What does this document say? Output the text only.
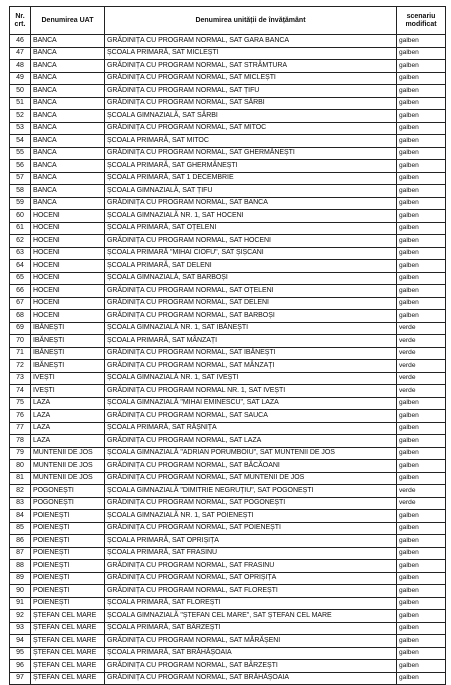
Nr. crt.	Denumirea UAT	Denumirea unității de învățământ	scenariu modificat
46	BANCA	GRĂDINIȚA CU PROGRAM NORMAL, SAT GARA BANCA	galben
47	BANCA	ȘCOALA PRIMARĂ, SAT MICLEȘTI	galben
48	BANCA	GRĂDINIȚA CU PROGRAM NORMAL, SAT STRÂMTURA	galben
49	BANCA	GRĂDINIȚA CU PROGRAM NORMAL, SAT MICLEȘTI	galben
50	BANCA	GRĂDINIȚA CU PROGRAM NORMAL, SAT ȚIFU	galben
51	BANCA	GRĂDINIȚA CU PROGRAM NORMAL, SAT SĂRBI	galben
52	BANCA	ȘCOALA GIMNAZIALĂ, SAT SĂRBI	galben
53	BANCA	GRĂDINIȚA CU PROGRAM NORMAL, SAT MITOC	galben
54	BANCA	ȘCOALA PRIMARĂ, SAT MITOC	galben
55	BANCA	GRĂDINIȚA CU PROGRAM NORMAL, SAT GHERMĂNEȘTI	galben
56	BANCA	ȘCOALA PRIMARĂ, SAT GHERMĂNEȘTI	galben
57	BANCA	ȘCOALA PRIMARĂ, SAT 1 DECEMBRIE	galben
58	BANCA	ȘCOALA GIMNAZIALĂ, SAT ȚIFU	galben
59	BANCA	GRĂDINIȚA CU PROGRAM NORMAL, SAT BANCA	galben
60	HOCENI	ȘCOALA GIMNAZIALĂ NR. 1, SAT HOCENI	galben
61	HOCENI	ȘCOALA PRIMARĂ, SAT OȚELENI	galben
62	HOCENI	GRĂDINIȚA CU PROGRAM NORMAL, SAT HOCENI	galben
63	HOCENI	ȘCOALA PRIMARĂ "MIHAI CIOFU", SAT ȘIȘCANI	galben
64	HOCENI	ȘCOALA PRIMARĂ, SAT DELENI	galben
65	HOCENI	ȘCOALA GIMNAZIALĂ, SAT BARBOȘI	galben
66	HOCENI	GRĂDINIȚA CU PROGRAM NORMAL, SAT OȚELENI	galben
67	HOCENI	GRĂDINIȚA CU PROGRAM NORMAL, SAT DELENI	galben
68	HOCENI	GRĂDINIȚA CU PROGRAM NORMAL, SAT BARBOȘI	galben
69	IBĂNEȘTI	ȘCOALA GIMNAZIALĂ NR. 1, SAT IBĂNEȘTI	verde
70	IBĂNEȘTI	ȘCOALA PRIMARĂ, SAT MÂNZAȚI	verde
71	IBĂNEȘTI	GRĂDINIȚA CU PROGRAM NORMAL, SAT IBĂNEȘTI	verde
72	IBĂNEȘTI	GRĂDINIȚA CU PROGRAM NORMAL, SAT MÂNZAȚI	verde
73	IVEȘTI	ȘCOALA GIMNAZIALĂ NR. 1, SAT IVEȘTI	verde
74	IVEȘTI	GRĂDINIȚA CU PROGRAM NORMAL NR. 1, SAT IVEȘTI	verde
75	LAZA	ȘCOALA GIMNAZIALĂ "MIHAI EMINESCU", SAT LAZA	galben
76	LAZA	GRĂDINIȚA CU PROGRAM NORMAL, SAT SAUCA	galben
77	LAZA	ȘCOALA PRIMARĂ, SAT RĂȘNIȚA	galben
78	LAZA	GRĂDINIȚA CU PROGRAM NORMAL, SAT LAZA	galben
79	MUNTENII DE JOS	ȘCOALA GIMNAZIALĂ "ADRIAN PORUMBOIU", SAT MUNTENII DE JOS	galben
80	MUNTENII DE JOS	GRĂDINIȚA CU PROGRAM NORMAL, SAT BĂCĂOANI	galben
81	MUNTENII DE JOS	GRĂDINIȚA CU PROGRAM NORMAL, SAT MUNTENII DE JOS	galben
82	POGONEȘTI	ȘCOALA GIMNAZIALĂ "DIMITRIE NEGRUȚIU", SAT POGONEȘTI	verde
83	POGONEȘTI	GRĂDINIȚA CU PROGRAM NORMAL, SAT POGONEȘTI	verde
84	POIENEȘTI	ȘCOALA GIMNAZIALĂ NR. 1, SAT POIENEȘTI	galben
85	POIENEȘTI	GRĂDINIȚA CU PROGRAM NORMAL, SAT POIENEȘTI	galben
86	POIENEȘTI	ȘCOALA PRIMARĂ, SAT OPRIȘIȚA	galben
87	POIENEȘTI	ȘCOALA PRIMARĂ, SAT FRASINU	galben
88	POIENEȘTI	GRĂDINIȚA CU PROGRAM NORMAL, SAT FRASINU	galben
89	POIENEȘTI	GRĂDINIȚA CU PROGRAM NORMAL, SAT OPRIȘIȚA	galben
90	POIENEȘTI	GRĂDINIȚA CU PROGRAM NORMAL, SAT FLOREȘTI	galben
91	POIENEȘTI	ȘCOALA PRIMARĂ, SAT FLOREȘTI	galben
92	ȘTEFAN CEL MARE	ȘCOALA GIMNAZIALĂ "ȘTEFAN CEL MARE", SAT ȘTEFAN CEL MARE	galben
93	ȘTEFAN CEL MARE	ȘCOALA PRIMARĂ, SAT BÂRZEȘTI	galben
94	ȘTEFAN CEL MARE	GRĂDINIȚA CU PROGRAM NORMAL, SAT MĂRĂȘENI	galben
95	ȘTEFAN CEL MARE	ȘCOALA PRIMARĂ, SAT BRĂHĂȘOAIA	galben
96	ȘTEFAN CEL MARE	GRĂDINIȚA CU PROGRAM NORMAL, SAT BÂRZEȘTI	galben
97	ȘTEFAN CEL MARE	GRĂDINIȚA CU PROGRAM NORMAL, SAT BRĂHĂȘOAIA	galben
